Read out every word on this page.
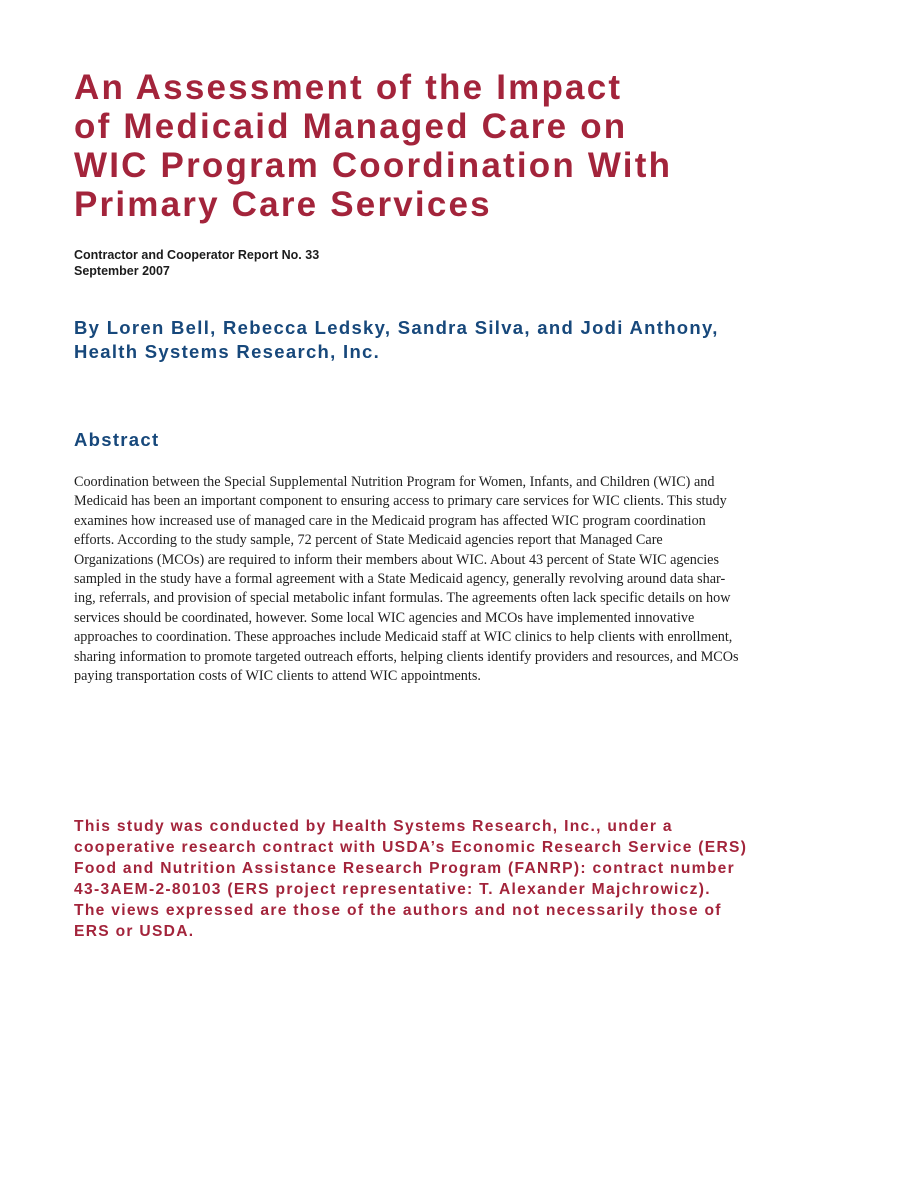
An Assessment of the Impact
of Medicaid Managed Care on
WIC Program Coordination With
Primary Care Services
Contractor and Cooperator Report No. 33
September 2007
By Loren Bell, Rebecca Ledsky, Sandra Silva, and Jodi Anthony,
Health Systems Research, Inc.
Abstract
Coordination between the Special Supplemental Nutrition Program for Women, Infants, and Children (WIC) and
Medicaid has been an important component to ensuring access to primary care services for WIC clients. This study
examines how increased use of managed care in the Medicaid program has affected WIC program coordination
efforts. According to the study sample, 72 percent of State Medicaid agencies report that Managed Care
Organizations (MCOs) are required to inform their members about WIC. About 43 percent of State WIC agencies
sampled in the study have a formal agreement with a State Medicaid agency, generally revolving around data shar-
ing, referrals, and provision of special metabolic infant formulas. The agreements often lack specific details on how
services should be coordinated, however. Some local WIC agencies and MCOs have implemented innovative
approaches to coordination. These approaches include Medicaid staff at WIC clinics to help clients with enrollment,
sharing information to promote targeted outreach efforts, helping clients identify providers and resources, and MCOs
paying transportation costs of WIC clients to attend WIC appointments.
This study was conducted by Health Systems Research, Inc., under a
cooperative research contract with USDA’s Economic Research Service (ERS)
Food and Nutrition Assistance Research Program (FANRP): contract number
43-3AEM-2-80103 (ERS project representative: T. Alexander Majchrowicz).
The views expressed are those of the authors and not necessarily those of
ERS or USDA.
